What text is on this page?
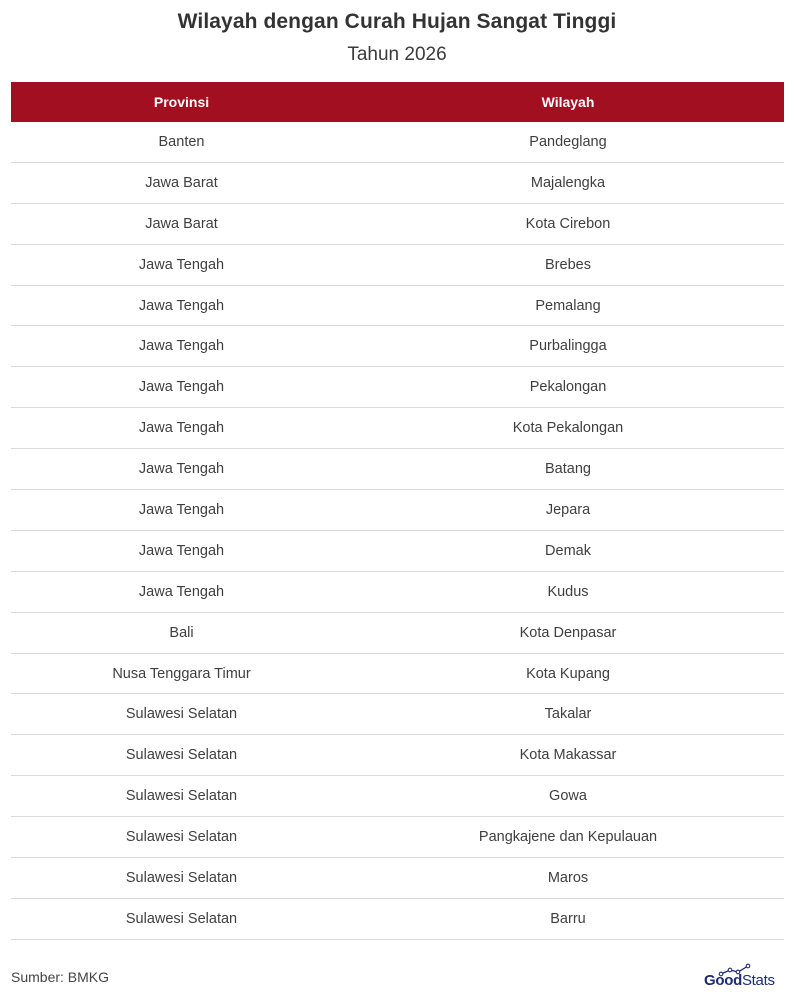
Wilayah dengan Curah Hujan Sangat Tinggi
Tahun 2026
Provinsi	Wilayah
Banten	Pandeglang
Jawa Barat	Majalengka
Jawa Barat	Kota Cirebon
Jawa Tengah	Brebes
Jawa Tengah	Pemalang
Jawa Tengah	Purbalingga
Jawa Tengah	Pekalongan
Jawa Tengah	Kota Pekalongan
Jawa Tengah	Batang
Jawa Tengah	Jepara
Jawa Tengah	Demak
Jawa Tengah	Kudus
Bali	Kota Denpasar
Nusa Tenggara Timur	Kota Kupang
Sulawesi Selatan	Takalar
Sulawesi Selatan	Kota Makassar
Sulawesi Selatan	Gowa
Sulawesi Selatan	Pangkajene dan Kepulauan
Sulawesi Selatan	Maros
Sulawesi Selatan	Barru
Sumber: BMKG	GoodStats
